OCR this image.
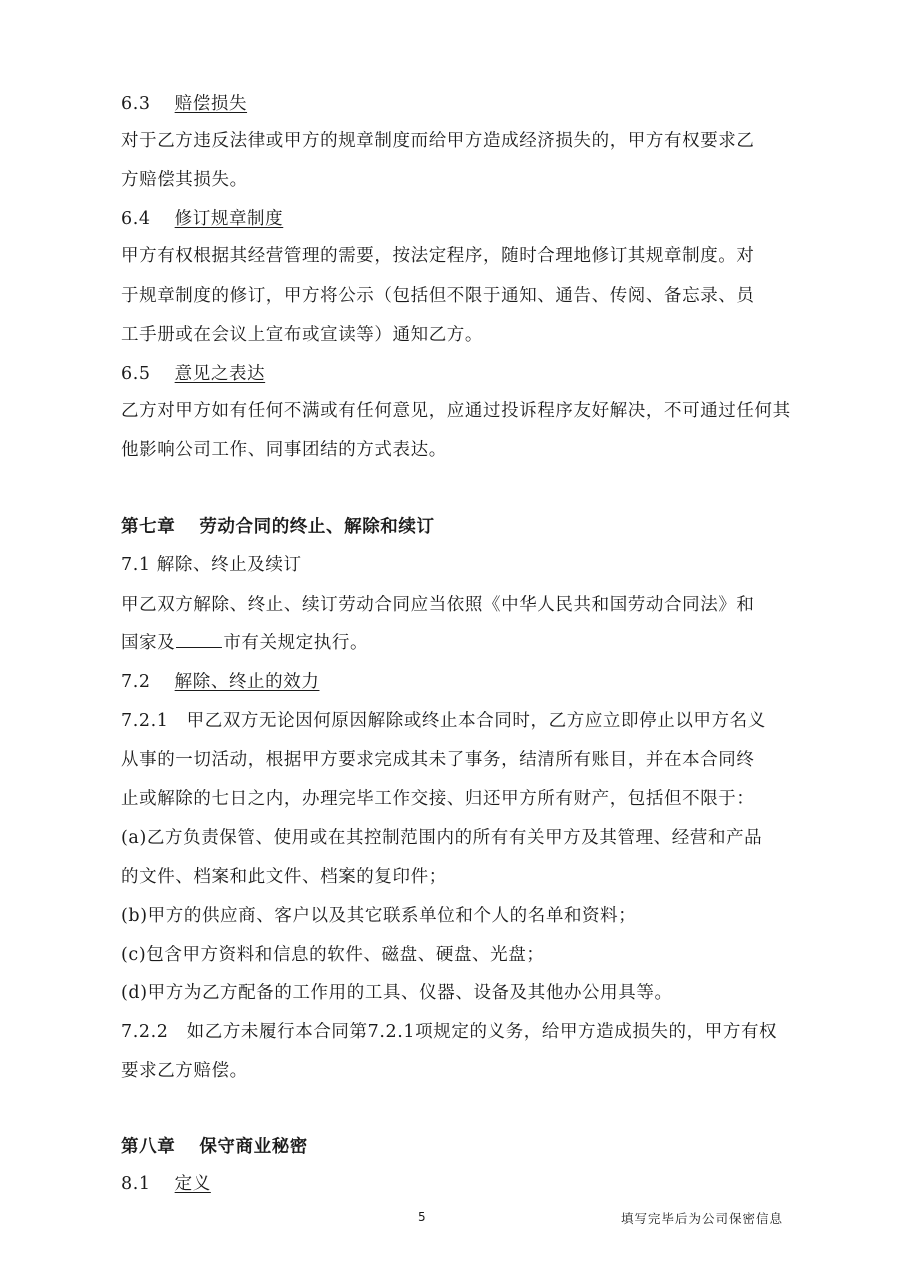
6.3 赔偿损失

对于乙方违反法律或甲方的规章制度而给甲方造成经济损失的，甲方有权要求乙

方赔偿其损失。

6.4 修订规章制度

甲方有权根据其经营管理的需要，按法定程序，随时合理地修订其规章制度。对

于规章制度的修订，甲方将公示（包括但不限于通知、通告、传阅、备忘录、员

工手册或在会议上宣布或宣读等）通知乙方。

6.5 意见之表达

乙方对甲方如有任何不满或有任何意见，应通过投诉程序友好解决，不可通过任何其

他影响公司工作、同事团结的方式表达。

第七章 劳动合同的终止、解除和续订

7.1 解除、终止及续订

甲乙双方解除、终止、续订劳动合同应当依照《中华人民共和国劳动合同法》和

国家及	市有关规定执行。

7.2 解除、终止的效力

7.2.1　甲乙双方无论因何原因解除或终止本合同时，乙方应立即停止以甲方名义

从事的一切活动，根据甲方要求完成其未了事务，结清所有账目，并在本合同终

止或解除的七日之内，办理完毕工作交接、归还甲方所有财产，包括但不限于：

(a)乙方负责保管、使用或在其控制范围内的所有有关甲方及其管理、经营和产品

的文件、档案和此文件、档案的复印件；

(b)甲方的供应商、客户以及其它联系单位和个人的名单和资料；

(c)包含甲方资料和信息的软件、磁盘、硬盘、光盘；

(d)甲方为乙方配备的工作用的工具、仪器、设备及其他办公用具等。

7.2.2　如乙方未履行本合同第7.2.1项规定的义务，给甲方造成损失的，甲方有权

要求乙方赔偿。

第八章 保守商业秘密

8.1 定义

5	填写完毕后为公司保密信息
